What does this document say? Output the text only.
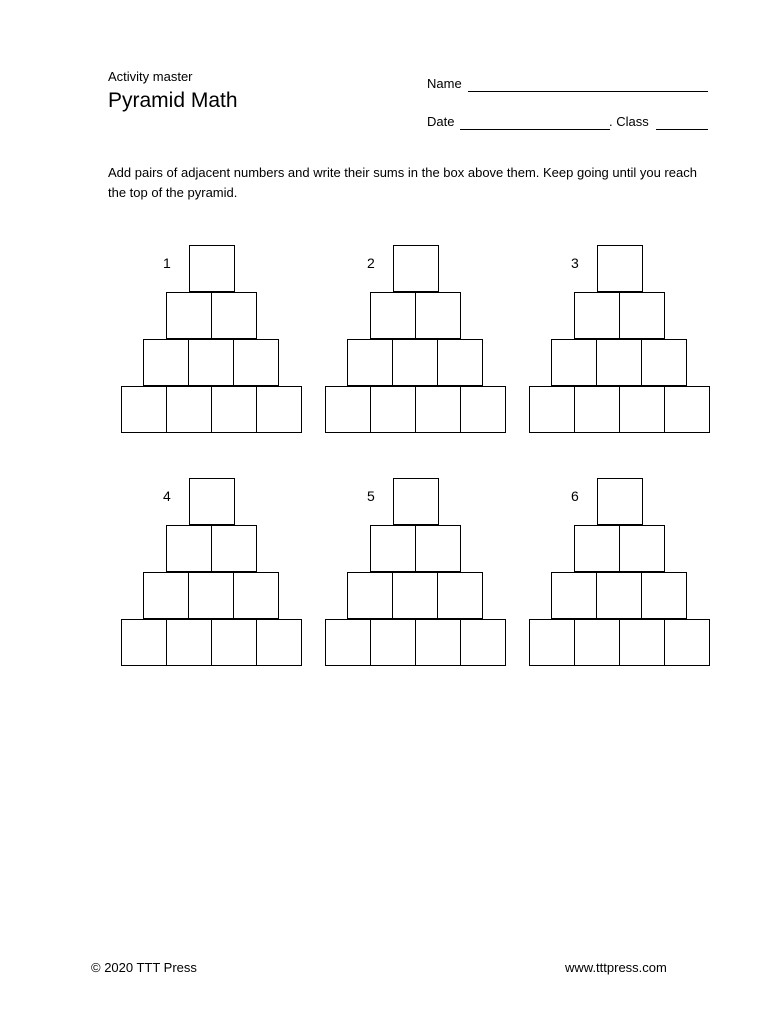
Activity master
Pyramid Math
Name
Date	. Class
Add pairs of adjacent numbers and write their sums in the box above them. Keep going until you reach the top of the pyramid.
1	2	3
4	5	6
© 2020 TTT Press	www.tttpress.com
